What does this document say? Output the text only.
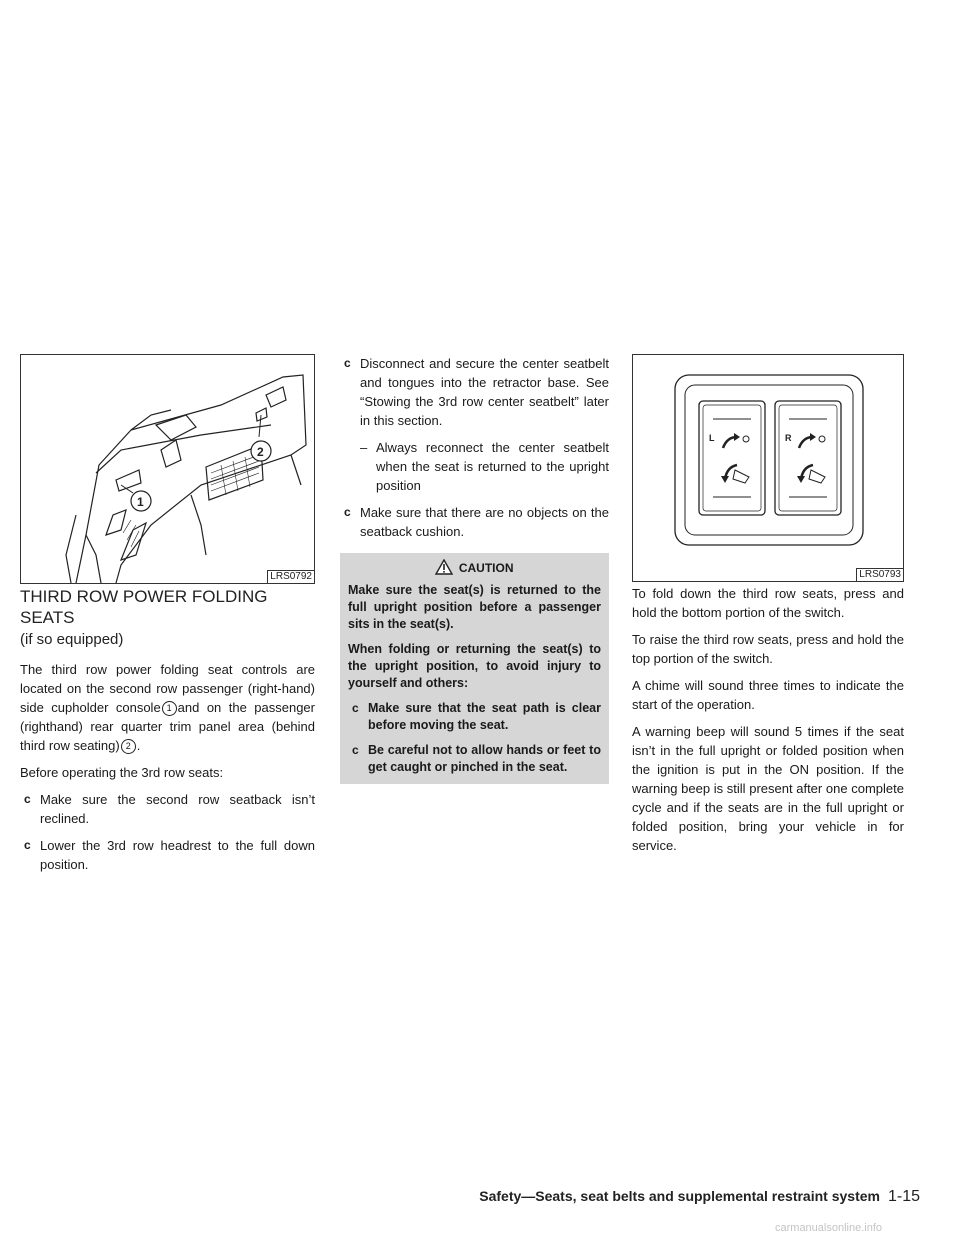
1
2
LRS0792
THIRD ROW POWER FOLDING SEATS
(if so equipped)

The third row power folding seat controls are located on the second row passenger (right-hand) side cupholder console 1 and on the passenger (righthand) rear quarter trim panel area (behind third row seating) 2 .

Before operating the 3rd row seats:

c Make sure the second row seatback isn’t reclined.
c Lower the 3rd row headrest to the full down position.
c Disconnect and secure the center seatbelt and tongues into the retractor base. See “Stowing the 3rd row center seatbelt” later in this section.
– Always reconnect the center seatbelt when the seat is returned to the upright position
c Make sure that there are no objects on the seatback cushion.
CAUTION

Make sure the seat(s) is returned to the full upright position before a passenger sits in the seat(s).

When folding or returning the seat(s) to the upright position, to avoid injury to yourself and others:

c Make sure that the seat path is clear before moving the seat.
c Be careful not to allow hands or feet to get caught or pinched in the seat.
L	R
LRS0793

To fold down the third row seats, press and hold the bottom portion of the switch.

To raise the third row seats, press and hold the top portion of the switch.

A chime will sound three times to indicate the start of the operation.

A warning beep will sound 5 times if the seat isn’t in the full upright or folded position when the ignition is put in the ON position. If the warning beep is still present after one complete cycle and if the seats are in the full upright or folded position, bring your vehicle in for service.

Safety—Seats, seat belts and supplemental restraint system 1-15
carmanualsonline.info
